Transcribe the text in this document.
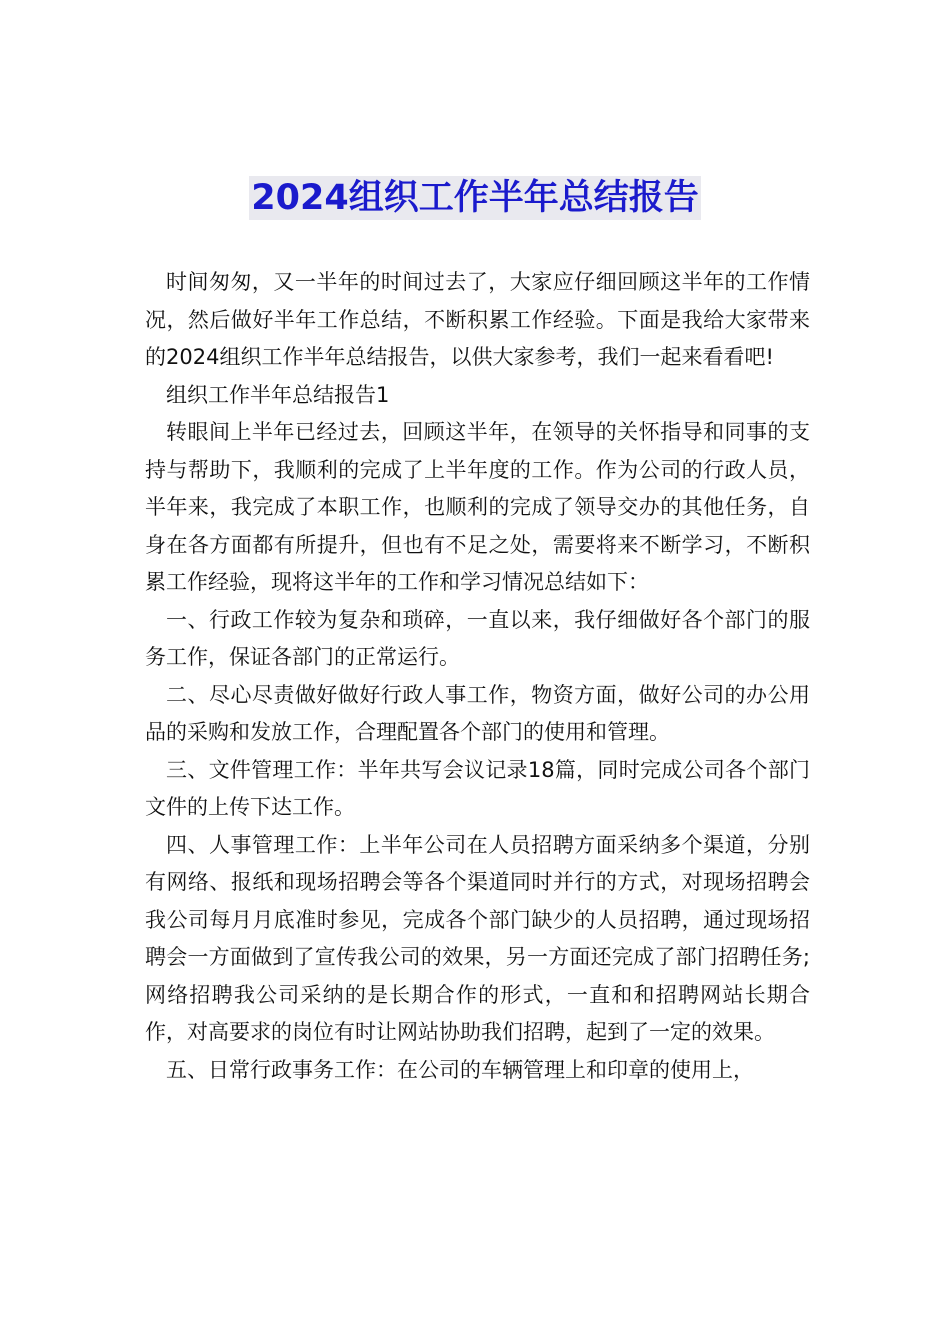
2024组织工作半年总结报告

时间匆匆，又一半年的时间过去了，大家应仔细回顾这半年的工作情况，然后做好半年工作总结，不断积累工作经验。下面是我给大家带来的2024组织工作半年总结报告，以供大家参考，我们一起来看看吧!

组织工作半年总结报告1

转眼间上半年已经过去，回顾这半年，在领导的关怀指导和同事的支持与帮助下，我顺利的完成了上半年度的工作。作为公司的行政人员，半年来，我完成了本职工作，也顺利的完成了领导交办的其他任务，自身在各方面都有所提升，但也有不足之处，需要将来不断学习，不断积累工作经验，现将这半年的工作和学习情况总结如下：

一、行政工作较为复杂和琐碎，一直以来，我仔细做好各个部门的服务工作，保证各部门的正常运行。

二、尽心尽责做好做好行政人事工作，物资方面，做好公司的办公用品的采购和发放工作，合理配置各个部门的使用和管理。

三、文件管理工作：半年共写会议记录18篇，同时完成公司各个部门文件的上传下达工作。

四、人事管理工作：上半年公司在人员招聘方面采纳多个渠道，分别有网络、报纸和现场招聘会等各个渠道同时并行的方式，对现场招聘会我公司每月月底准时参见，完成各个部门缺少的人员招聘，通过现场招聘会一方面做到了宣传我公司的效果，另一方面还完成了部门招聘任务;网络招聘我公司采纳的是长期合作的形式，一直和和招聘网站长期合作，对高要求的岗位有时让网站协助我们招聘，起到了一定的效果。

五、日常行政事务工作：在公司的车辆管理上和印章的使用上，
